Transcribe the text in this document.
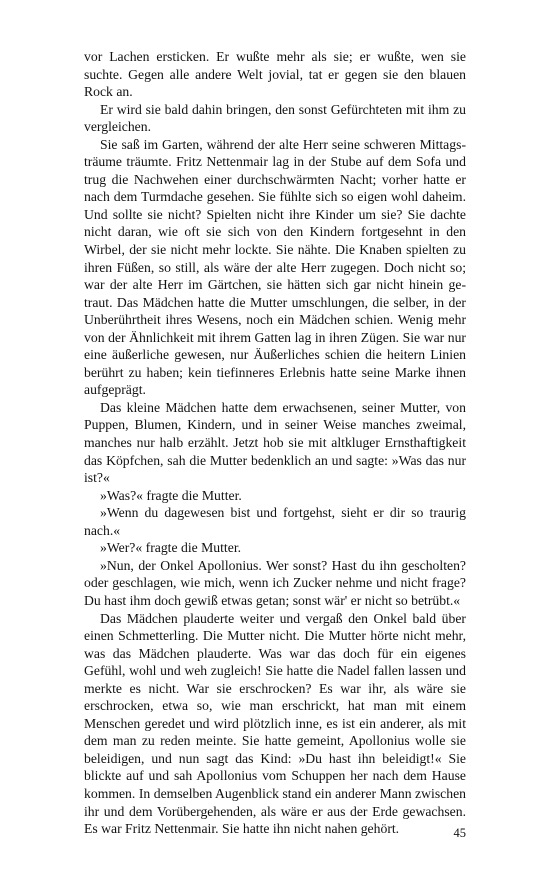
vor Lachen ersticken. Er wußte mehr als sie; er wußte, wen sie suchte. Gegen alle andere Welt jovial, tat er gegen sie den blauen Rock an.

Er wird sie bald dahin bringen, den sonst Gefürchteten mit ihm zu vergleichen.

Sie saß im Garten, während der alte Herr seine schweren Mittagsträume träumte. Fritz Nettenmair lag in der Stube auf dem Sofa und trug die Nachwehen einer durchschwärmten Nacht; vorher hatte er nach dem Turmdache gesehen. Sie fühlte sich so eigen wohl daheim. Und sollte sie nicht? Spielten nicht ihre Kinder um sie? Sie dachte nicht daran, wie oft sie sich von den Kindern fortgesehnt in den Wirbel, der sie nicht mehr lockte. Sie nähte. Die Knaben spielten zu ihren Füßen, so still, als wäre der alte Herr zugegen. Doch nicht so; war der alte Herr im Gärtchen, sie hätten sich gar nicht hinein getraut. Das Mädchen hatte die Mutter umschlungen, die selber, in der Unberührtheit ihres Wesens, noch ein Mädchen schien. Wenig mehr von der Ähnlichkeit mit ihrem Gatten lag in ihren Zügen. Sie war nur eine äußerliche gewesen, nur Äußerliches schien die heitern Linien berührt zu haben; kein tiefinneres Erlebnis hatte seine Marke ihnen aufgeprägt.

Das kleine Mädchen hatte dem erwachsenen, seiner Mutter, von Puppen, Blumen, Kindern, und in seiner Weise manches zweimal, manches nur halb erzählt. Jetzt hob sie mit altkluger Ernsthaftigkeit das Köpfchen, sah die Mutter bedenklich an und sagte: »Was das nur ist?«

»Was?« fragte die Mutter.

»Wenn du dagewesen bist und fortgehst, sieht er dir so traurig nach.«

»Wer?« fragte die Mutter.

»Nun, der Onkel Apollonius. Wer sonst? Hast du ihn gescholten? oder geschlagen, wie mich, wenn ich Zucker nehme und nicht frage? Du hast ihm doch gewiß etwas getan; sonst wär' er nicht so betrübt.«

Das Mädchen plauderte weiter und vergaß den Onkel bald über einen Schmetterling. Die Mutter nicht. Die Mutter hörte nicht mehr, was das Mädchen plauderte. Was war das doch für ein eigenes Gefühl, wohl und weh zugleich! Sie hatte die Nadel fallen lassen und merkte es nicht. War sie erschrocken? Es war ihr, als wäre sie erschrocken, etwa so, wie man erschrickt, hat man mit einem Menschen geredet und wird plötzlich inne, es ist ein anderer, als mit dem man zu reden meinte. Sie hatte gemeint, Apollonius wolle sie beleidigen, und nun sagt das Kind: »Du hast ihn beleidigt!« Sie blickte auf und sah Apollonius vom Schuppen her nach dem Hause kommen. In demselben Augenblick stand ein anderer Mann zwischen ihr und dem Vorübergehenden, als wäre er aus der Erde gewachsen. Es war Fritz Nettenmair. Sie hatte ihn nicht nahen gehört.	45
